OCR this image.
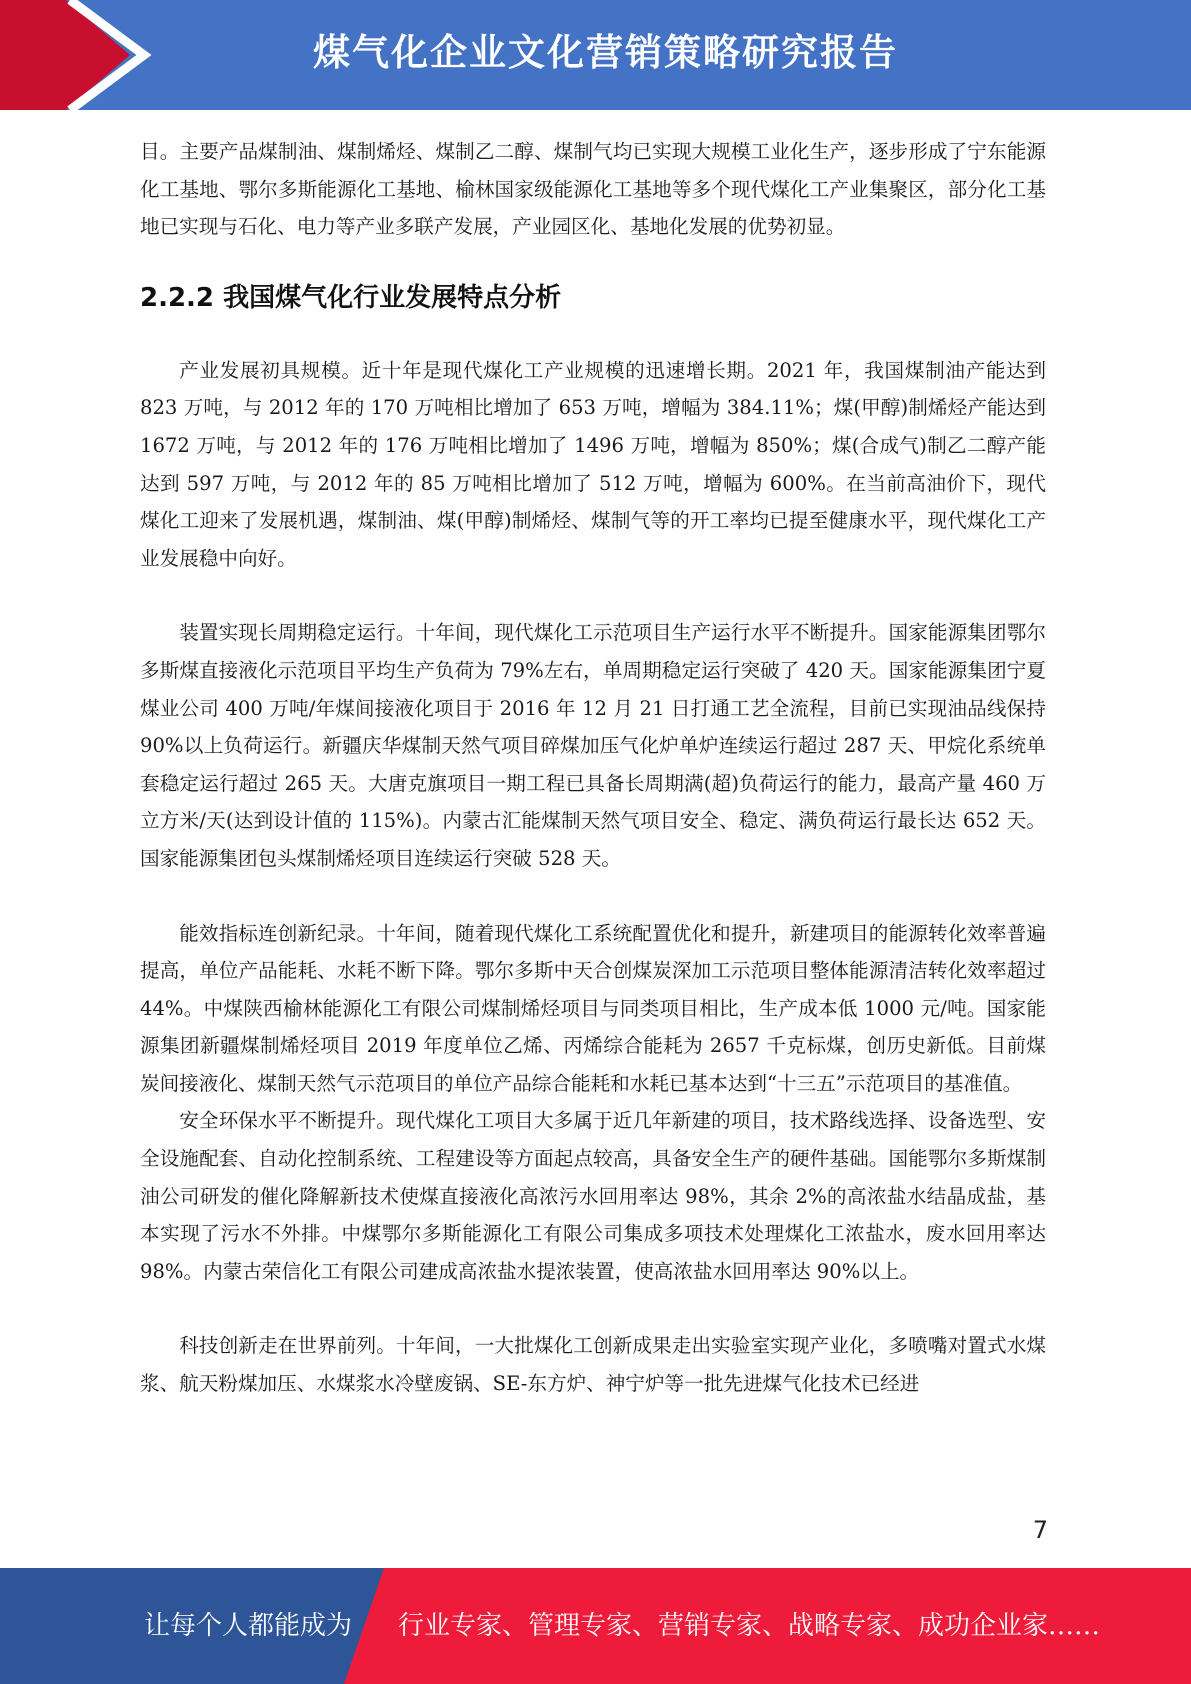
煤气化企业文化营销策略研究报告

目。主要产品煤制油、煤制烯烃、煤制乙二醇、煤制气均已实现大规模工业化生产，逐步形成了宁东能源化工基地、鄂尔多斯能源化工基地、榆林国家级能源化工基地等多个现代煤化工产业集聚区，部分化工基地已实现与石化、电力等产业多联产发展，产业园区化、基地化发展的优势初显。

2.2.2 我国煤气化行业发展特点分析

产业发展初具规模。近十年是现代煤化工产业规模的迅速增长期。2021 年，我国煤制油产能达到 823 万吨，与 2012 年的 170 万吨相比增加了 653 万吨，增幅为 384.11%；煤(甲醇)制烯烃产能达到 1672 万吨，与 2012 年的 176 万吨相比增加了 1496 万吨，增幅为 850%；煤(合成气)制乙二醇产能达到 597 万吨，与 2012 年的 85 万吨相比增加了 512 万吨，增幅为 600%。在当前高油价下，现代煤化工迎来了发展机遇，煤制油、煤(甲醇)制烯烃、煤制气等的开工率均已提至健康水平，现代煤化工产业发展稳中向好。

装置实现长周期稳定运行。十年间，现代煤化工示范项目生产运行水平不断提升。国家能源集团鄂尔多斯煤直接液化示范项目平均生产负荷为 79%左右，单周期稳定运行突破了 420 天。国家能源集团宁夏煤业公司 400 万吨/年煤间接液化项目于 2016 年 12 月 21 日打通工艺全流程，目前已实现油品线保持 90%以上负荷运行。新疆庆华煤制天然气项目碎煤加压气化炉单炉连续运行超过 287 天、甲烷化系统单套稳定运行超过 265 天。大唐克旗项目一期工程已具备长周期满(超)负荷运行的能力，最高产量 460 万立方米/天(达到设计值的 115%)。内蒙古汇能煤制天然气项目安全、稳定、满负荷运行最长达 652 天。国家能源集团包头煤制烯烃项目连续运行突破 528 天。

能效指标连创新纪录。十年间，随着现代煤化工系统配置优化和提升，新建项目的能源转化效率普遍提高，单位产品能耗、水耗不断下降。鄂尔多斯中天合创煤炭深加工示范项目整体能源清洁转化效率超过 44%。中煤陕西榆林能源化工有限公司煤制烯烃项目与同类项目相比，生产成本低 1000 元/吨。国家能源集团新疆煤制烯烃项目 2019 年度单位乙烯、丙烯综合能耗为 2657 千克标煤，创历史新低。目前煤炭间接液化、煤制天然气示范项目的单位产品综合能耗和水耗已基本达到“十三五”示范项目的基准值。

安全环保水平不断提升。现代煤化工项目大多属于近几年新建的项目，技术路线选择、设备选型、安全设施配套、自动化控制系统、工程建设等方面起点较高，具备安全生产的硬件基础。国能鄂尔多斯煤制油公司研发的催化降解新技术使煤直接液化高浓污水回用率达 98%，其余 2%的高浓盐水结晶成盐，基本实现了污水不外排。中煤鄂尔多斯能源化工有限公司集成多项技术处理煤化工浓盐水，废水回用率达 98%。内蒙古荣信化工有限公司建成高浓盐水提浓装置，使高浓盐水回用率达 90%以上。

科技创新走在世界前列。十年间，一大批煤化工创新成果走出实验室实现产业化，多喷嘴对置式水煤浆、航天粉煤加压、水煤浆水冷壁废锅、SE-东方炉、神宁炉等一批先进煤气化技术已经进

7
让每个人都能成为 行业专家、管理专家、营销专家、战略专家、成功企业家……
